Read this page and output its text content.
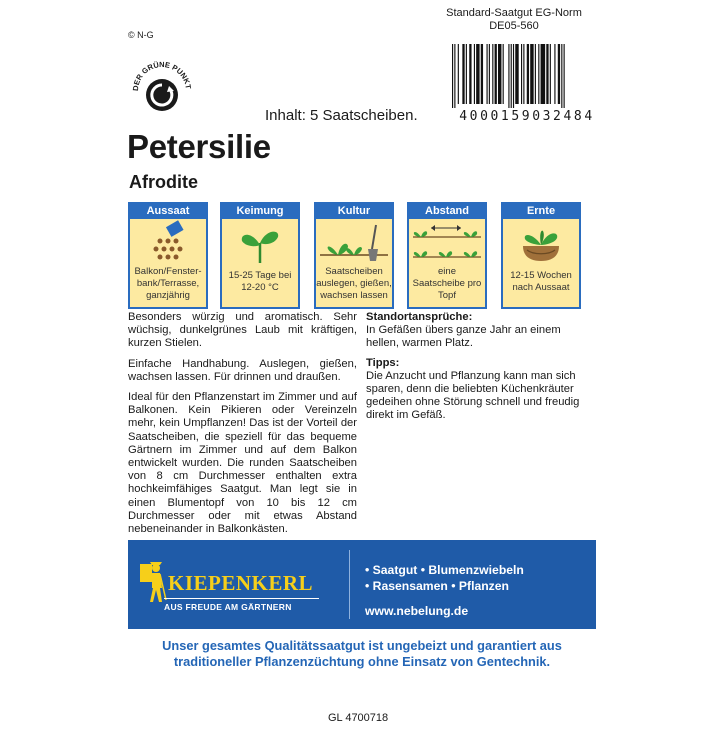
© N-G
Standard-Saatgut EG-Norm
DE05-560
4000159032484
DER GRÜNE PUNKT
Inhalt: 5 Saatscheiben.
Petersilie
Afrodite
Aussaat
Balkon/Fenster-
bank/Terrasse,
ganzjährig
Keimung
15-25 Tage bei
12-20 °C
Kultur
Saatscheiben
auslegen, gießen,
wachsen lassen
Abstand
eine
Saatscheibe pro
Topf
Ernte
12-15 Wochen
nach Aussaat

Besonders würzig und aromatisch. Sehr wüchsig, dunkelgrünes Laub mit kräftigen, kurzen Stielen.

Einfache Handhabung. Auslegen, gießen, wachsen lassen. Für drinnen und draußen.

Ideal für den Pflanzenstart im Zimmer und auf Balkonen. Kein Pikieren oder Vereinzeln mehr, kein Umpflanzen! Das ist der Vorteil der Saatscheiben, die speziell für das bequeme Gärtnern im Zimmer und auf dem Balkon entwickelt wurden. Die runden Saatscheiben von 8 cm Durchmesser enthalten extra hochkeimfähiges Saatgut. Man legt sie in einen Blumentopf von 10 bis 12 cm Durchmesser oder mit etwas Abstand nebeneinander in Balkonkästen.

Standortansprüche:
In Gefäßen übers ganze Jahr an einem hellen, warmen Platz.
Tipps:
Die Anzucht und Pflanzung kann man sich sparen, denn die beliebten Küchenkräuter gedeihen ohne Störung schnell und freudig direkt im Gefäß.
KIEPENKERL
AUS FREUDE AM GÄRTNERN
• Saatgut • Blumenzwiebeln
• Rasensamen • Pflanzen
www.nebelung.de
Unser gesamtes Qualitätssaatgut ist ungebeizt und garantiert aus
traditioneller Pflanzenzüchtung ohne Einsatz von Gentechnik.
GL 4700718
